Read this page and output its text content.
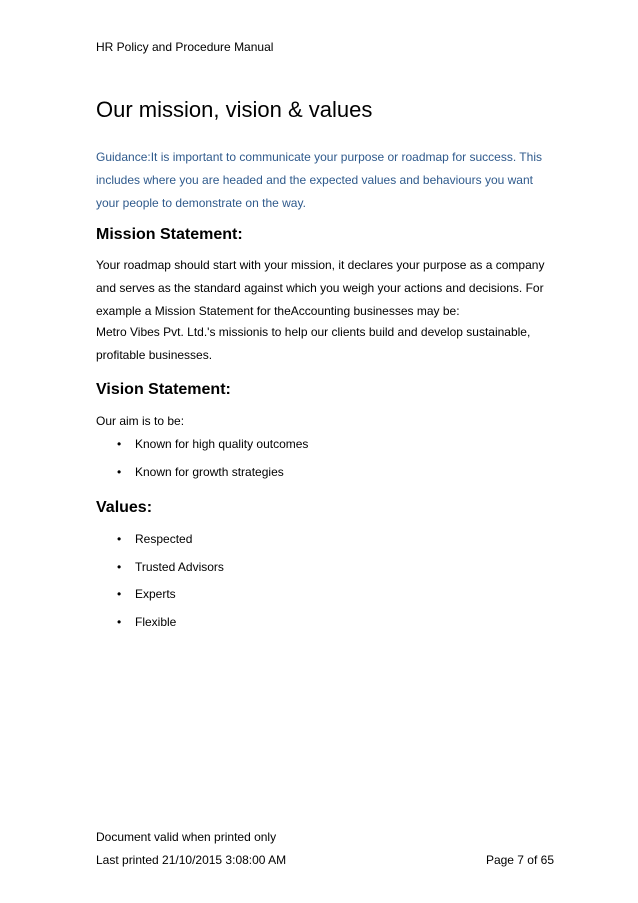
HR Policy and Procedure Manual
Our mission, vision & values

Guidance:It is important to communicate your purpose or roadmap for success. This includes where you are headed and the expected values and behaviours you want your people to demonstrate on the way.

Mission Statement:

Your roadmap should start with your mission, it declares your purpose as a company and serves as the standard against which you weigh your actions and decisions. For example a Mission Statement for theAccounting businesses may be:

Metro Vibes Pvt. Ltd.'s missionis to help our clients build and develop sustainable, profitable businesses.

Vision Statement:

Our aim is to be:

•	Known for high quality outcomes
•	Known for growth strategies
Values:
•	Respected
•	Trusted Advisors
•	Experts
•	Flexible
Document valid when printed only
Last printed 21/10/2015 3:08:00 AM	Page 7 of 65
